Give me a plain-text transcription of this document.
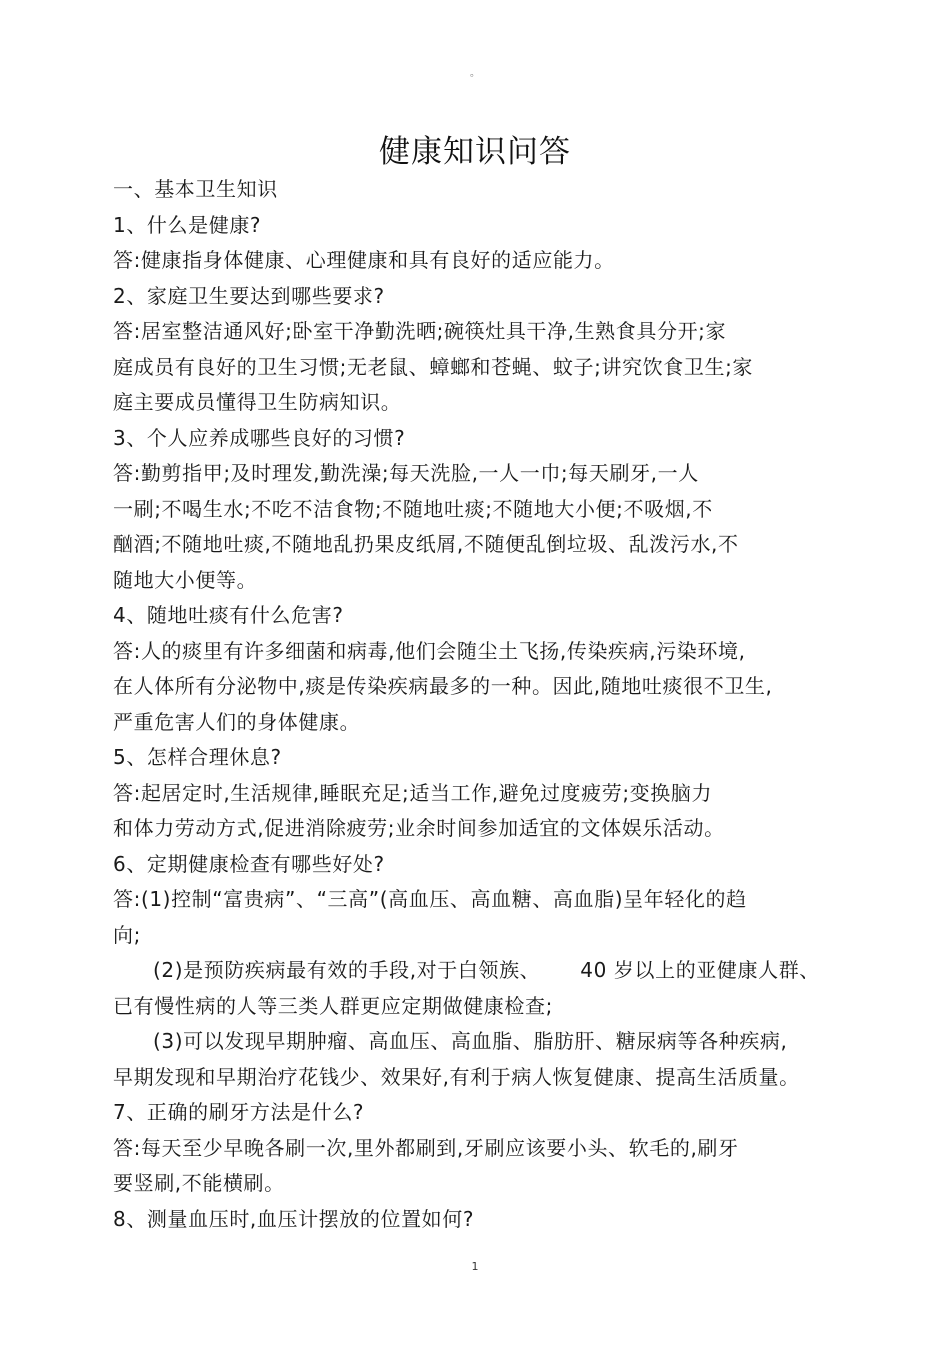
。
健康知识问答
一、基本卫生知识
1、什么是健康?
答:健康指身体健康、心理健康和具有良好的适应能力。
2、家庭卫生要达到哪些要求?
答:居室整洁通风好;卧室干净勤洗晒;碗筷灶具干净,生熟食具分开;家
庭成员有良好的卫生习惯;无老鼠、蟑螂和苍蝇、蚊子;讲究饮食卫生;家
庭主要成员懂得卫生防病知识。
3、个人应养成哪些良好的习惯?
答:勤剪指甲;及时理发,勤洗澡;每天洗脸,一人一巾;每天刷牙,一人
一刷;不喝生水;不吃不洁食物;不随地吐痰;不随地大小便;不吸烟,不
酗酒;不随地吐痰,不随地乱扔果皮纸屑,不随便乱倒垃圾、乱泼污水,不
随地大小便等。
4、随地吐痰有什么危害?
答:人的痰里有许多细菌和病毒,他们会随尘土飞扬,传染疾病,污染环境,
在人体所有分泌物中,痰是传染疾病最多的一种。因此,随地吐痰很不卫生,
严重危害人们的身体健康。
5、怎样合理休息?
答:起居定时,生活规律,睡眠充足;适当工作,避免过度疲劳;变换脑力
和体力劳动方式,促进消除疲劳;业余时间参加适宜的文体娱乐活动。
6、定期健康检查有哪些好处?
答:(1)控制“富贵病”、“三高”(高血压、高血糖、高血脂)呈年轻化的趋
向;
(2)是预防疾病最有效的手段,对于白领族、 40 岁以上的亚健康人群、
已有慢性病的人等三类人群更应定期做健康检查;
(3)可以发现早期肿瘤、高血压、高血脂、脂肪肝、糖尿病等各种疾病,
早期发现和早期治疗花钱少、效果好,有利于病人恢复健康、提高生活质量。
7、正确的刷牙方法是什么?
答:每天至少早晚各刷一次,里外都刷到,牙刷应该要小头、软毛的,刷牙
要竖刷,不能横刷。
8、测量血压时,血压计摆放的位置如何?
1
